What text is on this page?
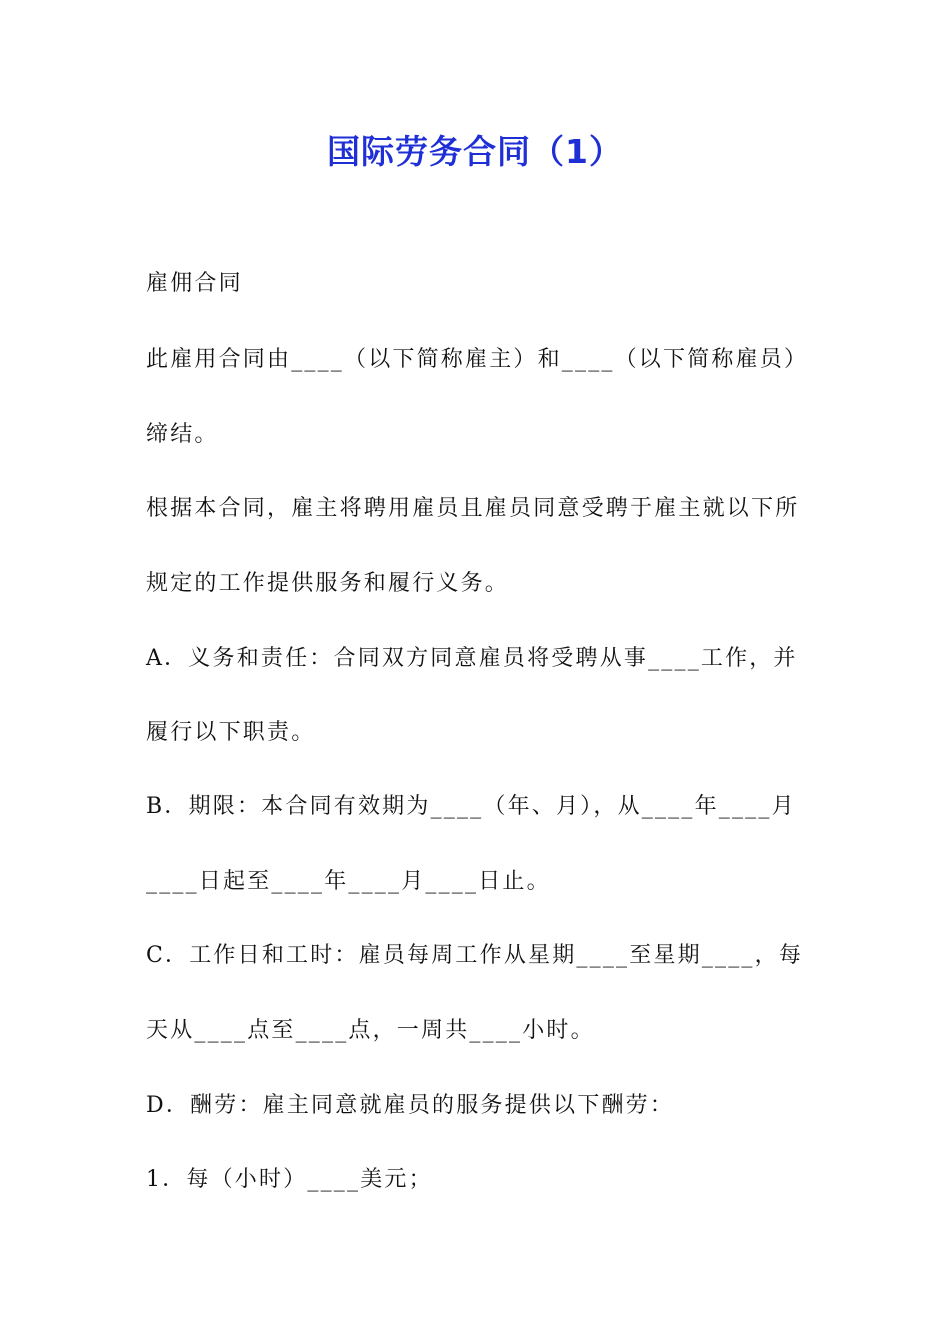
国际劳务合同（1）

雇佣合同

此雇用合同由____（以下简称雇主）和____（以下简称雇员）

缔结。

根据本合同，雇主将聘用雇员且雇员同意受聘于雇主就以下所

规定的工作提供服务和履行义务。

A．义务和责任：合同双方同意雇员将受聘从事____工作，并

履行以下职责。

B．期限：本合同有效期为____（年、月），从____年____月

____日起至____年____月____日止。

C．工作日和工时：雇员每周工作从星期____至星期____，每

天从____点至____点，一周共____小时。

D．酬劳：雇主同意就雇员的服务提供以下酬劳：

1．每（小时）____美元；
